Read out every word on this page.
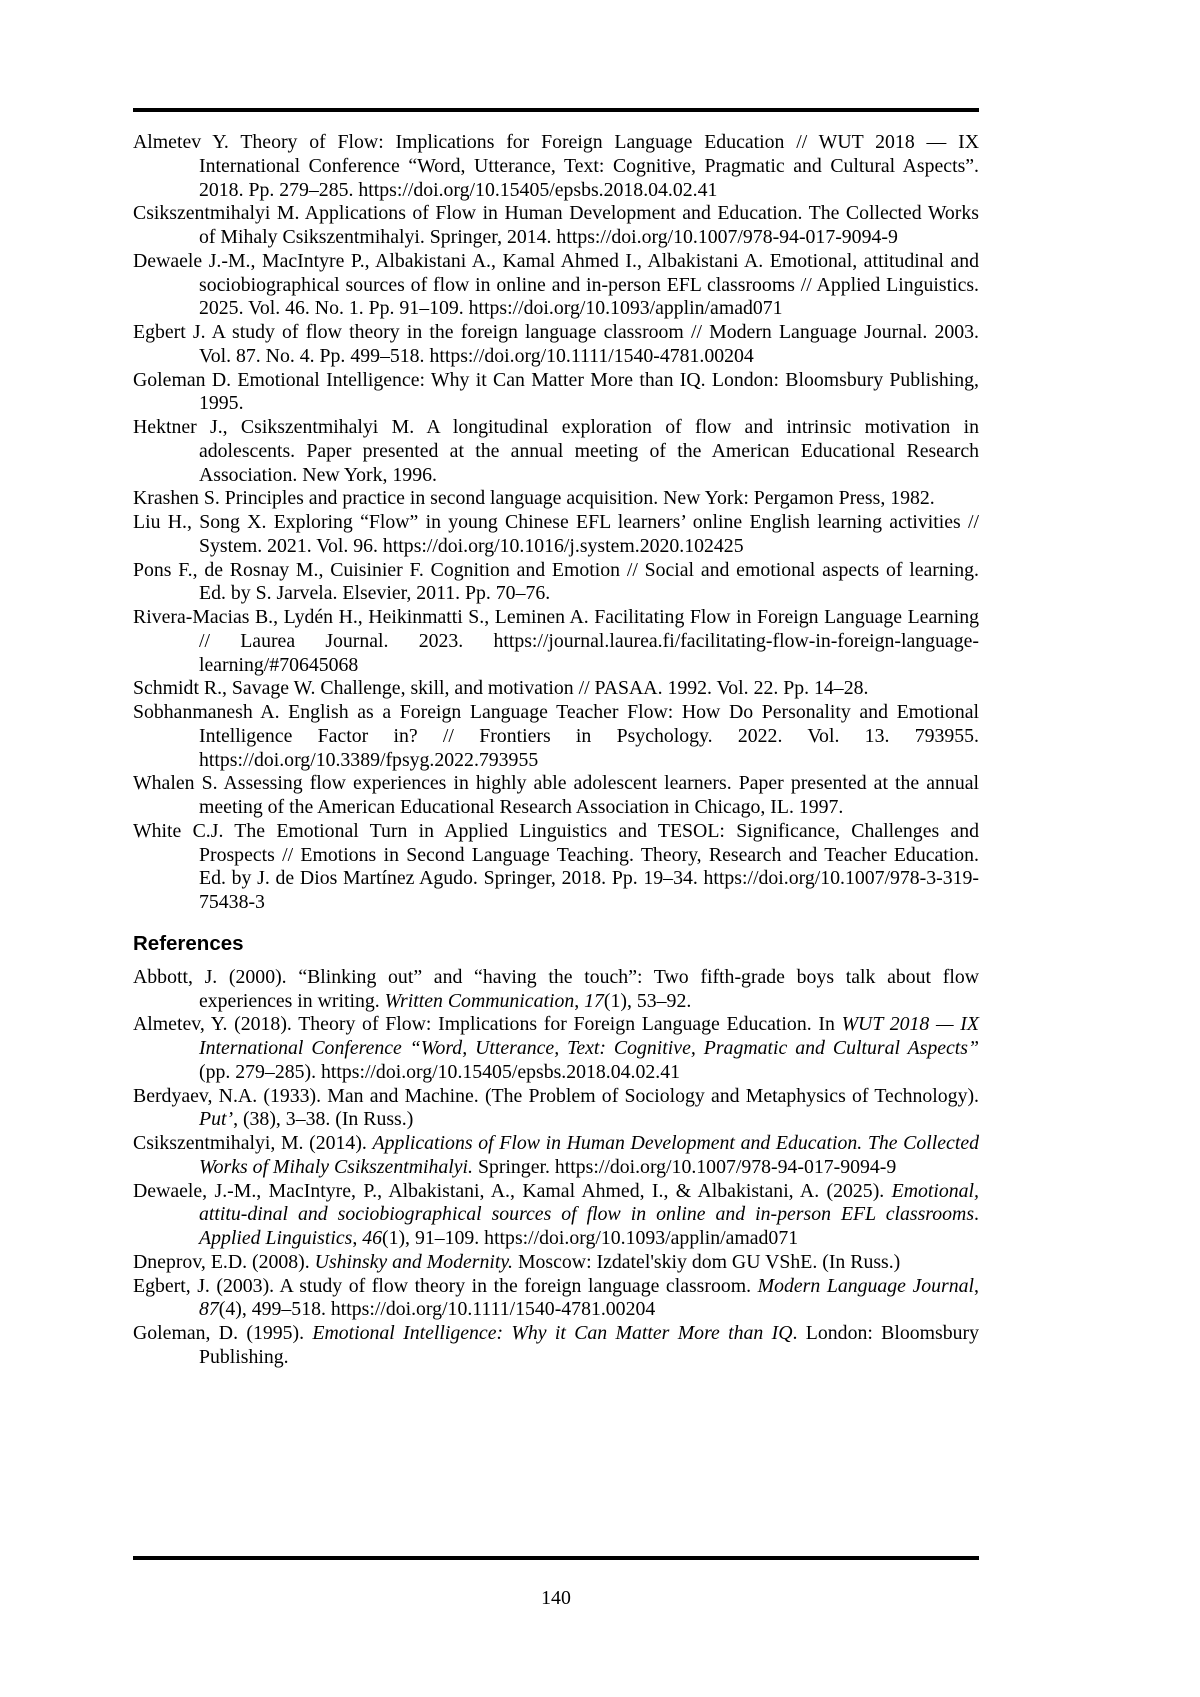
Almetev Y. Theory of Flow: Implications for Foreign Language Education // WUT 2018 — IX International Conference “Word, Utterance, Text: Cognitive, Pragmatic and Cultural Aspects”. 2018. Pp. 279–285. https://doi.org/10.15405/epsbs.2018.04.02.41

Csikszentmihalyi M. Applications of Flow in Human Development and Education. The Collected Works of Mihaly Csikszentmihalyi. Springer, 2014. https://doi.org/10.1007/978-94-017-9094-9

Dewaele J.-M., MacIntyre P., Albakistani A., Kamal Ahmed I., Albakistani A. Emotional, attitudinal and sociobiographical sources of flow in online and in-person EFL classrooms // Applied Linguistics. 2025. Vol. 46. No. 1. Pp. 91–109. https://doi.org/10.1093/applin/amad071

Egbert J. A study of flow theory in the foreign language classroom // Modern Language Journal. 2003. Vol. 87. No. 4. Pp. 499–518. https://doi.org/10.1111/1540-4781.00204

Goleman D. Emotional Intelligence: Why it Can Matter More than IQ. London: Bloomsbury Publishing, 1995.

Hektner J., Csikszentmihalyi M. A longitudinal exploration of flow and intrinsic motivation in adolescents. Paper presented at the annual meeting of the American Educational Research Association. New York, 1996.

Krashen S. Principles and practice in second language acquisition. New York: Pergamon Press, 1982.

Liu H., Song X. Exploring “Flow” in young Chinese EFL learners’ online English learning activities // System. 2021. Vol. 96. https://doi.org/10.1016/j.system.2020.102425

Pons F., de Rosnay M., Cuisinier F. Cognition and Emotion // Social and emotional aspects of learning. Ed. by S. Jarvela. Elsevier, 2011. Pp. 70–76.

Rivera-Macias B., Lydén H., Heikinmatti S., Leminen A. Facilitating Flow in Foreign Language Learning // Laurea Journal. 2023. https://journal.laurea.fi/facilitating-flow-in-foreign-language-learning/#70645068

Schmidt R., Savage W. Challenge, skill, and motivation // PASAA. 1992. Vol. 22. Pp. 14–28.

Sobhanmanesh A. English as a Foreign Language Teacher Flow: How Do Personality and Emotional Intelligence Factor in? // Frontiers in Psychology. 2022. Vol. 13. 793955. https://doi.org/10.3389/fpsyg.2022.793955

Whalen S. Assessing flow experiences in highly able adolescent learners. Paper presented at the annual meeting of the American Educational Research Association in Chicago, IL. 1997.

White C.J. The Emotional Turn in Applied Linguistics and TESOL: Significance, Challenges and Prospects // Emotions in Second Language Teaching. Theory, Research and Teacher Education. Ed. by J. de Dios Martínez Agudo. Springer, 2018. Pp. 19–34. https://doi.org/10.1007/978-3-319-75438-3

References

Abbott, J. (2000). “Blinking out” and “having the touch”: Two fifth-grade boys talk about flow experiences in writing. Written Communication, 17(1), 53–92.

Almetev, Y. (2018). Theory of Flow: Implications for Foreign Language Education. In WUT 2018 — IX International Conference “Word, Utterance, Text: Cognitive, Pragmatic and Cultural Aspects” (pp. 279–285). https://doi.org/10.15405/epsbs.2018.04.02.41

Berdyaev, N.A. (1933). Man and Machine. (The Problem of Sociology and Metaphysics of Technology). Put’, (38), 3–38. (In Russ.)

Csikszentmihalyi, M. (2014). Applications of Flow in Human Development and Education. The Collected Works of Mihaly Csikszentmihalyi. Springer. https://doi.org/10.1007/978-94-017-9094-9

Dewaele, J.-M., MacIntyre, P., Albakistani, A., Kamal Ahmed, I., & Albakistani, A. (2025). Emotional, attitu-dinal and sociobiographical sources of flow in online and in-person EFL classrooms. Applied Linguistics, 46(1), 91–109. https://doi.org/10.1093/applin/amad071

Dneprov, E.D. (2008). Ushinsky and Modernity. Moscow: Izdatel'skiy dom GU VShE. (In Russ.)

Egbert, J. (2003). A study of flow theory in the foreign language classroom. Modern Language Journal, 87(4), 499–518. https://doi.org/10.1111/1540-4781.00204

Goleman, D. (1995). Emotional Intelligence: Why it Can Matter More than IQ. London: Bloomsbury Publishing.

140
